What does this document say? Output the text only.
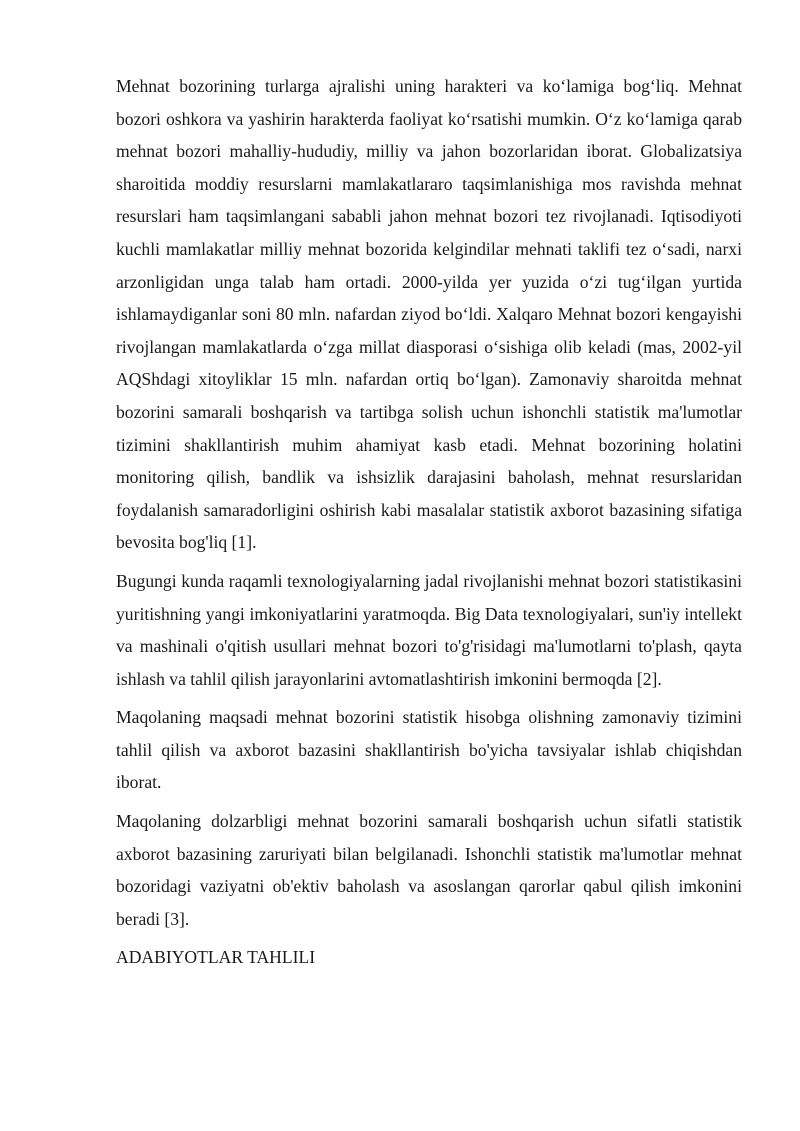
Mehnat bozorining turlarga ajralishi uning harakteri va ko‘lamiga bog‘liq. Mehnat bozori oshkora va yashirin harakterda faoliyat ko‘rsatishi mumkin. O‘z ko‘lamiga qarab mehnat bozori mahalliy-hududiy, milliy va jahon bozorlaridan iborat. Globalizatsiya sharoitida moddiy resurslarni mamlakatlararo taqsimlanishiga mos ravishda mehnat resurslari ham taqsimlangani sababli jahon mehnat bozori tez rivojlanadi. Iqtisodiyoti kuchli mamlakatlar milliy mehnat bozorida kelgindilar mehnati taklifi tez o‘sadi, narxi arzonligidan unga talab ham ortadi. 2000-yilda yer yuzida o‘zi tug‘ilgan yurtida ishlamaydiganlar soni 80 mln. nafardan ziyod bo‘ldi. Xalqaro Mehnat bozori kengayishi rivojlangan mamlakatlarda o‘zga millat diasporasi o‘sishiga olib keladi (mas, 2002-yil AQShdagi xitoyliklar 15 mln. nafardan ortiq bo‘lgan). Zamonaviy sharoitda mehnat bozorini samarali boshqarish va tartibga solish uchun ishonchli statistik ma'lumotlar tizimini shakllantirish muhim ahamiyat kasb etadi. Mehnat bozorining holatini monitoring qilish, bandlik va ishsizlik darajasini baholash, mehnat resurslaridan foydalanish samaradorligini oshirish kabi masalalar statistik axborot bazasining sifatiga bevosita bog'liq [1].

Bugungi kunda raqamli texnologiyalarning jadal rivojlanishi mehnat bozori statistikasini yuritishning yangi imkoniyatlarini yaratmoqda. Big Data texnologiyalari, sun'iy intellekt va mashinali o'qitish usullari mehnat bozori to'g'risidagi ma'lumotlarni to'plash, qayta ishlash va tahlil qilish jarayonlarini avtomatlashtirish imkonini bermoqda [2].

Maqolaning maqsadi mehnat bozorini statistik hisobga olishning zamonaviy tizimini tahlil qilish va axborot bazasini shakllantirish bo'yicha tavsiyalar ishlab chiqishdan iborat.

Maqolaning dolzarbligi mehnat bozorini samarali boshqarish uchun sifatli statistik axborot bazasining zaruriyati bilan belgilanadi. Ishonchli statistik ma'lumotlar mehnat bozoridagi vaziyatni ob'ektiv baholash va asoslangan qarorlar qabul qilish imkonini beradi [3].

ADABIYOTLAR TAHLILI
